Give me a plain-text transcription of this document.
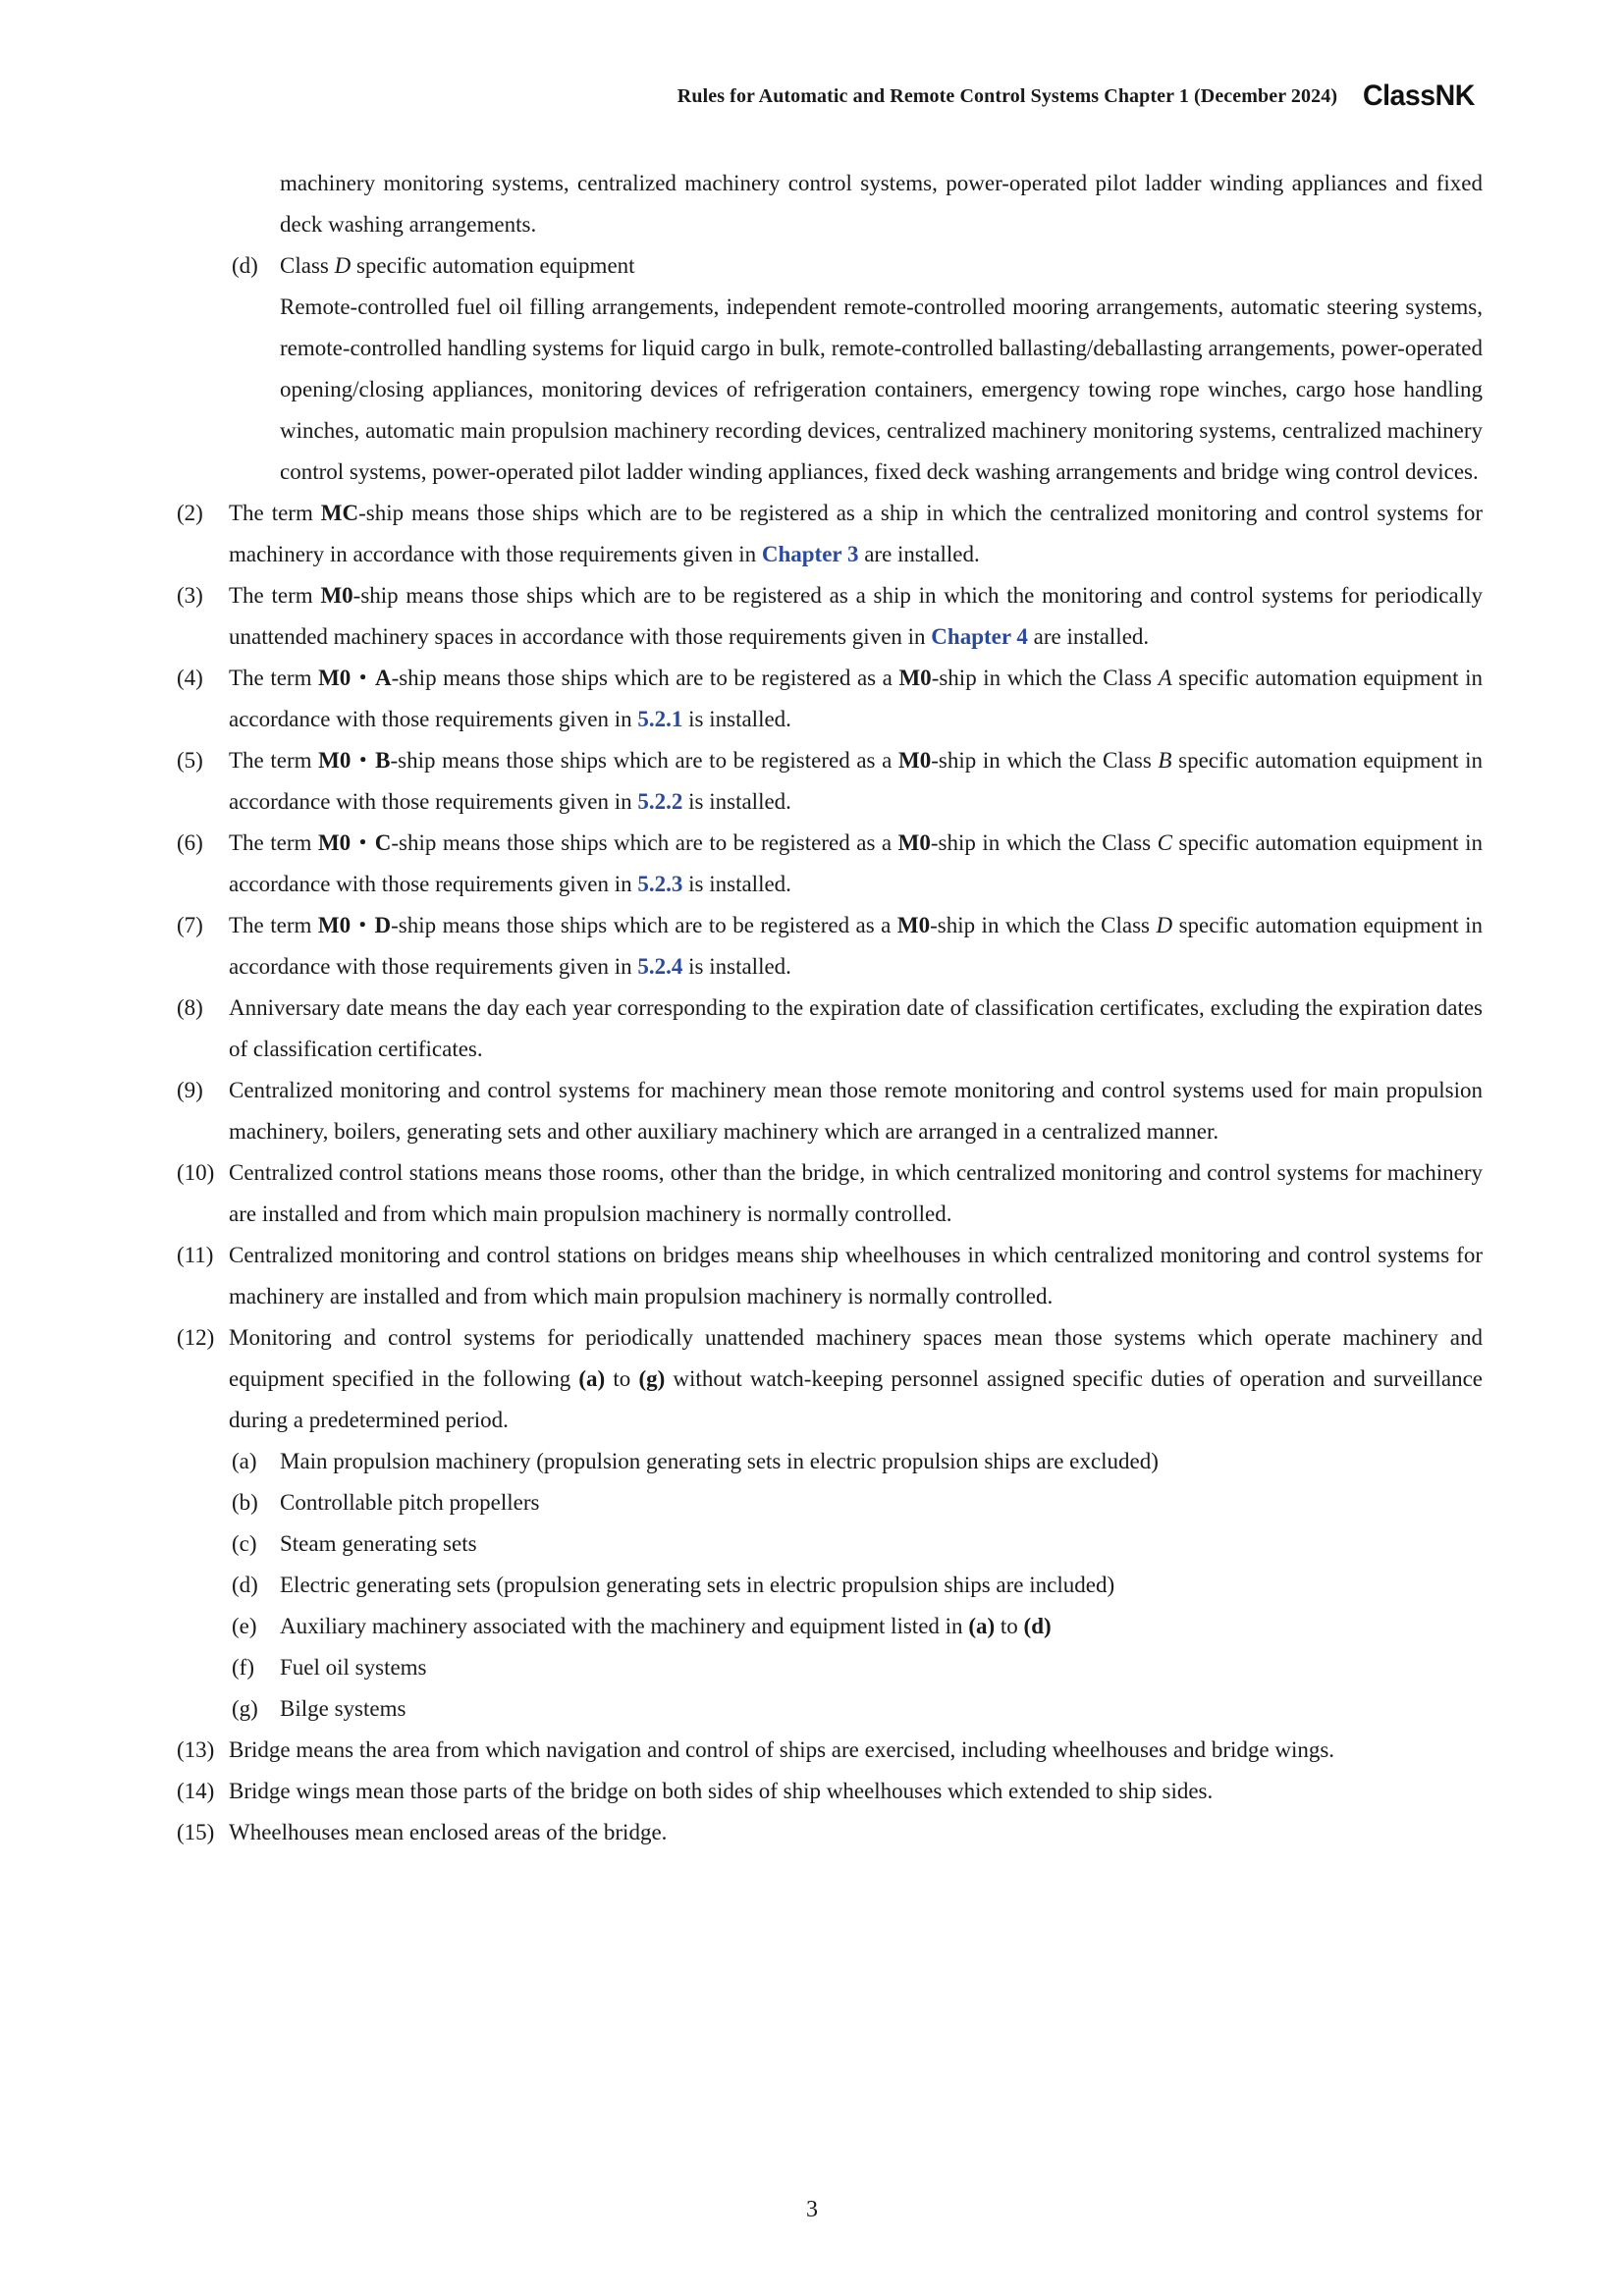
Rules for Automatic and Remote Control Systems Chapter 1 (December 2024) ClassNK
machinery monitoring systems, centralized machinery control systems, power-operated pilot ladder winding appliances and fixed deck washing arrangements.
(d) Class D specific automation equipment
Remote-controlled fuel oil filling arrangements, independent remote-controlled mooring arrangements, automatic steering systems, remote-controlled handling systems for liquid cargo in bulk, remote-controlled ballasting/deballasting arrangements, power-operated opening/closing appliances, monitoring devices of refrigeration containers, emergency towing rope winches, cargo hose handling winches, automatic main propulsion machinery recording devices, centralized machinery monitoring systems, centralized machinery control systems, power-operated pilot ladder winding appliances, fixed deck washing arrangements and bridge wing control devices.
(2) The term MC-ship means those ships which are to be registered as a ship in which the centralized monitoring and control systems for machinery in accordance with those requirements given in Chapter 3 are installed.
(3) The term M0-ship means those ships which are to be registered as a ship in which the monitoring and control systems for periodically unattended machinery spaces in accordance with those requirements given in Chapter 4 are installed.
(4) The term M0・A-ship means those ships which are to be registered as a M0-ship in which the Class A specific automation equipment in accordance with those requirements given in 5.2.1 is installed.
(5) The term M0・B-ship means those ships which are to be registered as a M0-ship in which the Class B specific automation equipment in accordance with those requirements given in 5.2.2 is installed.
(6) The term M0・C-ship means those ships which are to be registered as a M0-ship in which the Class C specific automation equipment in accordance with those requirements given in 5.2.3 is installed.
(7) The term M0・D-ship means those ships which are to be registered as a M0-ship in which the Class D specific automation equipment in accordance with those requirements given in 5.2.4 is installed.
(8) Anniversary date means the day each year corresponding to the expiration date of classification certificates, excluding the expiration dates of classification certificates.
(9) Centralized monitoring and control systems for machinery mean those remote monitoring and control systems used for main propulsion machinery, boilers, generating sets and other auxiliary machinery which are arranged in a centralized manner.
(10) Centralized control stations means those rooms, other than the bridge, in which centralized monitoring and control systems for machinery are installed and from which main propulsion machinery is normally controlled.
(11) Centralized monitoring and control stations on bridges means ship wheelhouses in which centralized monitoring and control systems for machinery are installed and from which main propulsion machinery is normally controlled.
(12) Monitoring and control systems for periodically unattended machinery spaces mean those systems which operate machinery and equipment specified in the following (a) to (g) without watch-keeping personnel assigned specific duties of operation and surveillance during a predetermined period.
(a) Main propulsion machinery (propulsion generating sets in electric propulsion ships are excluded)
(b) Controllable pitch propellers
(c) Steam generating sets
(d) Electric generating sets (propulsion generating sets in electric propulsion ships are included)
(e) Auxiliary machinery associated with the machinery and equipment listed in (a) to (d)
(f) Fuel oil systems
(g) Bilge systems
(13) Bridge means the area from which navigation and control of ships are exercised, including wheelhouses and bridge wings.
(14) Bridge wings mean those parts of the bridge on both sides of ship wheelhouses which extended to ship sides.
(15) Wheelhouses mean enclosed areas of the bridge.
3
